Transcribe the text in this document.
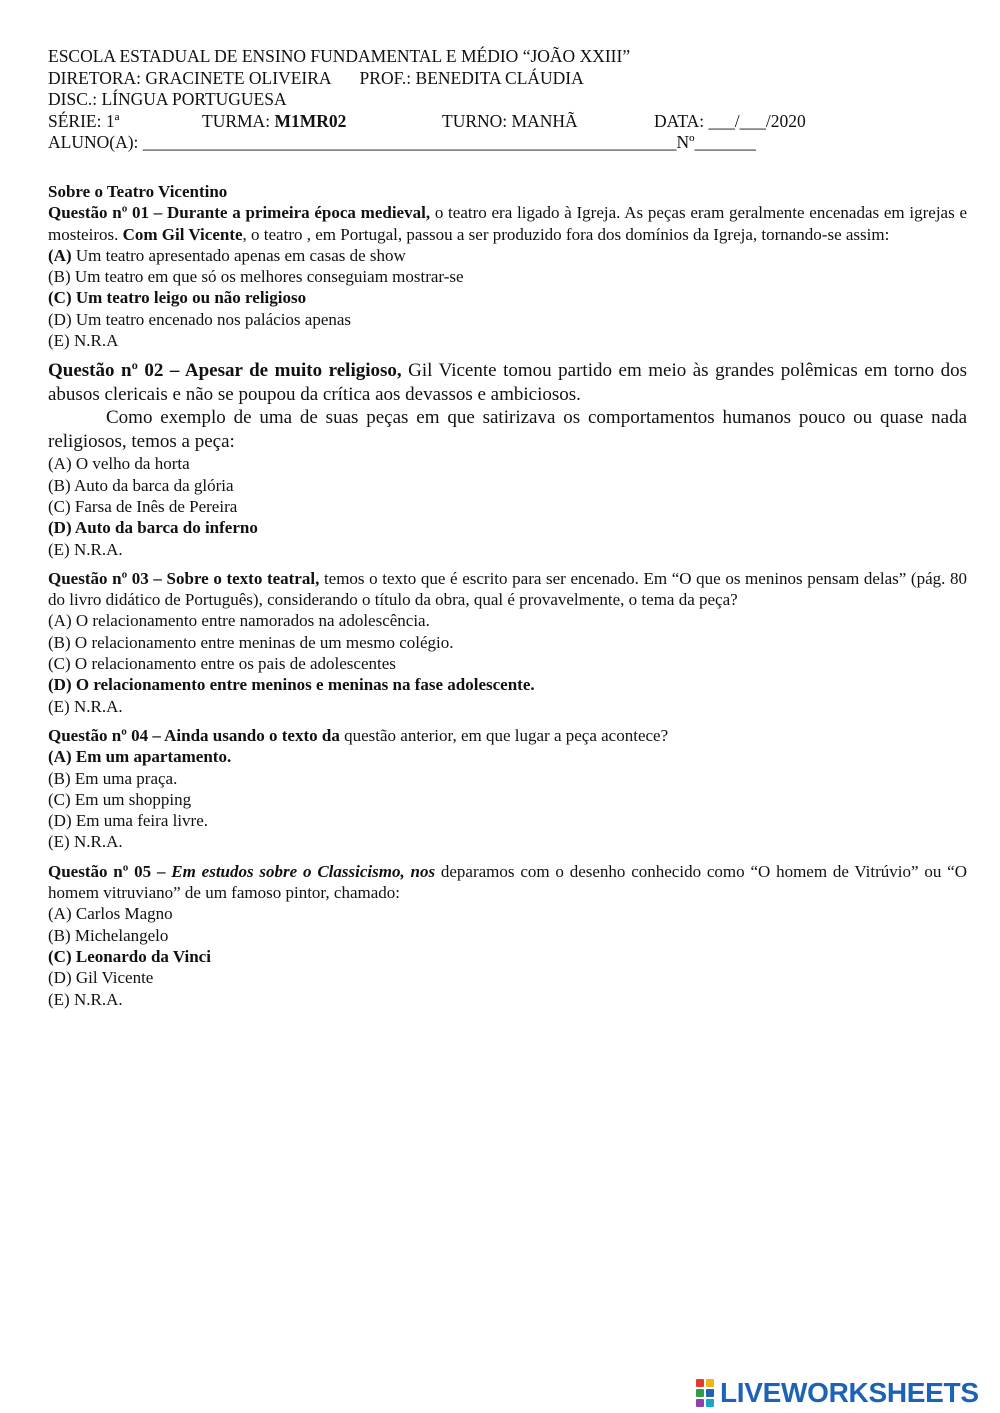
ESCOLA ESTADUAL DE ENSINO FUNDAMENTAL E MÉDIO “JOÃO XXIII”
DIRETORA: GRACINETE OLIVEIRA PROF.: BENEDITA CLÁUDIA
DISC.: LÍNGUA PORTUGUESA
SÉRIE: 1ª	TURMA: M1MR02	TURNO: MANHÃ	DATA: ___/___/2020
ALUNO(A): _____________________________________________________________Nº_______

Sobre o Teatro Vicentino

Questão nº 01 – Durante a primeira época medieval, o teatro era ligado à Igreja. As peças eram geralmente encenadas em igrejas e mosteiros. Com Gil Vicente, o teatro , em Portugal, passou a ser produzido fora dos domínios da Igreja, tornando-se assim:

(A) Um teatro apresentado apenas em casas de show

(B) Um teatro em que só os melhores conseguiam mostrar-se

(C) Um teatro leigo ou não religioso

(D) Um teatro encenado nos palácios apenas

(E) N.R.A

Questão nº 02 – Apesar de muito religioso, Gil Vicente tomou partido em meio às grandes polêmicas em torno dos abusos clericais e não se poupou da crítica aos devassos e ambiciosos.

Como exemplo de uma de suas peças em que satirizava os comportamentos humanos pouco ou quase nada religiosos, temos a peça:

(A) O velho da horta

(B) Auto da barca da glória

(C) Farsa de Inês de Pereira

(D) Auto da barca do inferno

(E) N.R.A.

Questão nº 03 – Sobre o texto teatral, temos o texto que é escrito para ser encenado. Em “O que os meninos pensam delas” (pág. 80 do livro didático de Português), considerando o título da obra, qual é provavelmente, o tema da peça?

(A) O relacionamento entre namorados na adolescência.

(B) O relacionamento entre meninas de um mesmo colégio.

(C) O relacionamento entre os pais de adolescentes

(D) O relacionamento entre meninos e meninas na fase adolescente.

(E) N.R.A.

Questão nº 04 – Ainda usando o texto da questão anterior, em que lugar a peça acontece?

(A) Em um apartamento.

(B) Em uma praça.

(C) Em um shopping

(D) Em uma feira livre.

(E) N.R.A.

Questão nº 05 – Em estudos sobre o Classicismo, nos deparamos com o desenho conhecido como “O homem de Vitrúvio” ou “O homem vitruviano” de um famoso pintor, chamado:

(A) Carlos Magno

(B) Michelangelo

(C) Leonardo da Vinci

(D) Gil Vicente

(E) N.R.A.

LIVEWORKSHEETS
